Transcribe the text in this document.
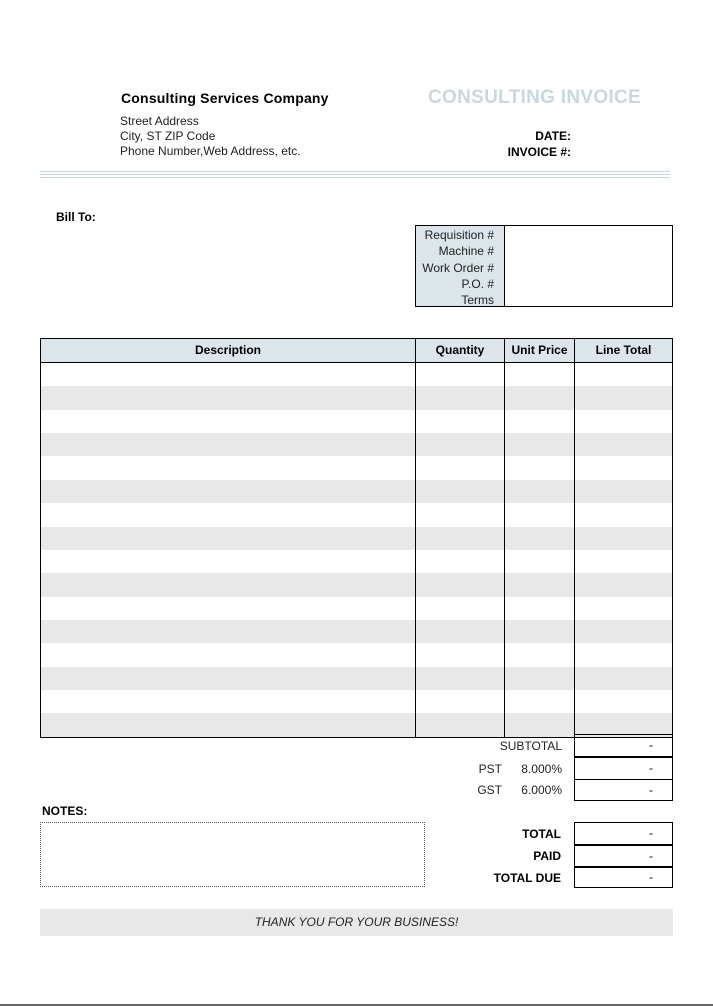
Consulting Services Company
Street Address
City, ST ZIP Code
Phone Number,Web Address, etc.
CONSULTING INVOICE
DATE:
INVOICE #:
Bill To:
Requisition #
Machine #
Work Order #
P.O. #
Terms
Description	Quantity	Unit Price	Line Total
SUBTOTAL	-
PST	8.000%	-
GST	6.000%	-
NOTES:
TOTAL	-
PAID	-
TOTAL DUE	-
THANK YOU FOR YOUR BUSINESS!
